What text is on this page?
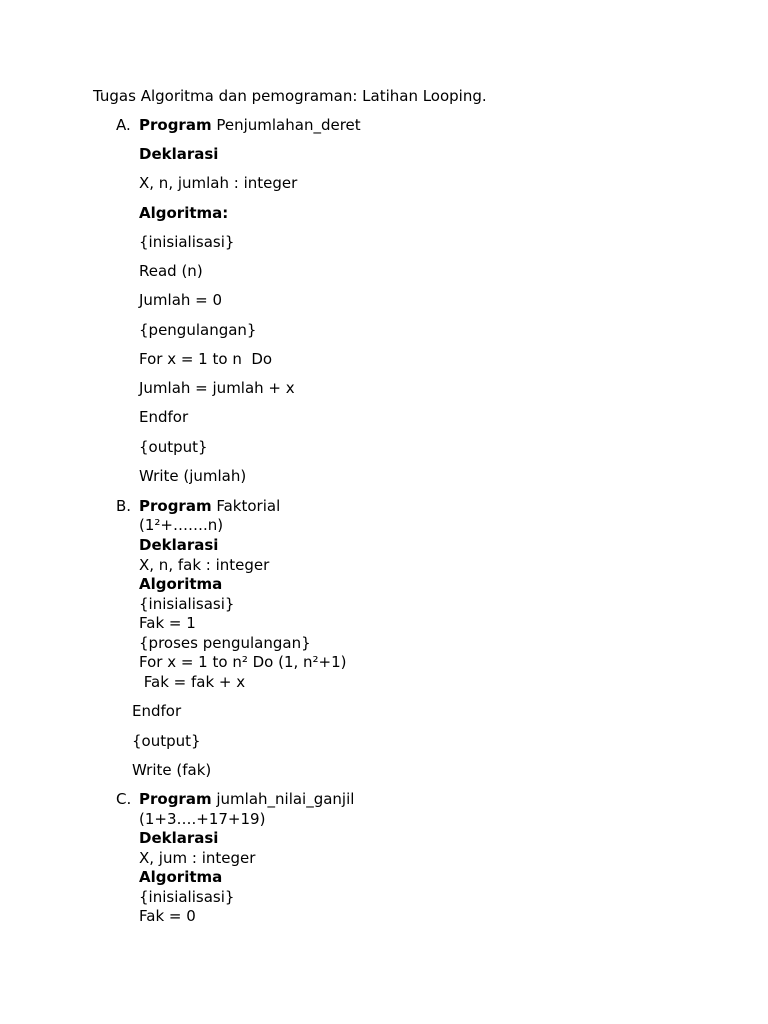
Tugas Algoritma dan pemograman: Latihan Looping.
A. Program Penjumlahan_deret
Deklarasi
X, n, jumlah : integer
Algoritma:
{inisialisasi}
Read (n)
Jumlah = 0
{pengulangan}
For x = 1 to n  Do
Jumlah = jumlah + x
Endfor
{output}
Write (jumlah)
B. Program Faktorial
(1²+…….n)
Deklarasi
X, n, fak : integer
Algoritma
{inisialisasi}
Fak = 1
{proses pengulangan}
For x = 1 to n² Do (1, n²+1)
Fak = fak + x
Endfor
{output}
Write (fak)
C. Program jumlah_nilai_ganjil
(1+3….+17+19)
Deklarasi
X, jum : integer
Algoritma
{inisialisasi}
Fak = 0
